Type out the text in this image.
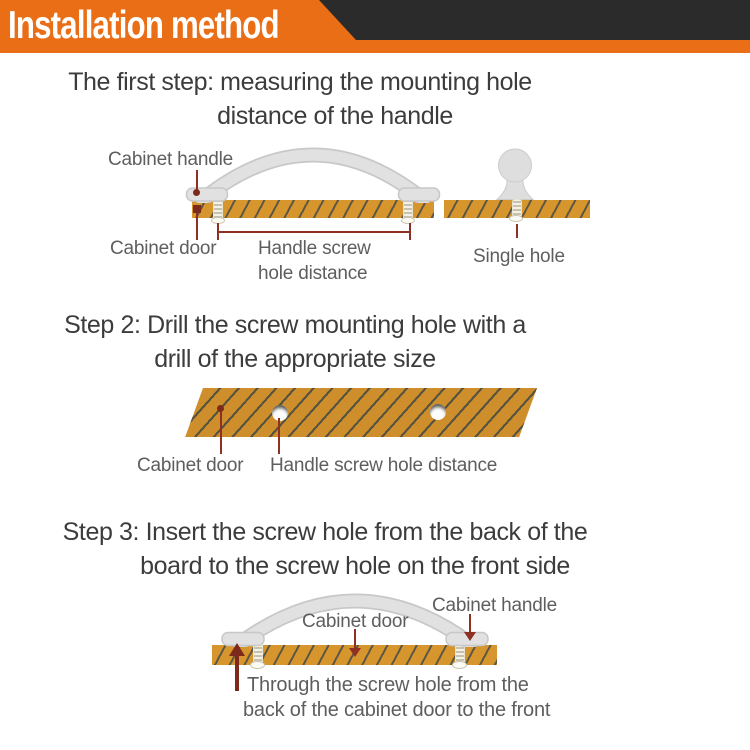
Installation method
The first step: measuring the mounting hole
distance of the handle
Cabinet handle
Cabinet door Handle screw
hole distance
Single hole
Step 2: Drill the screw mounting hole with a
drill of the appropriate size
Cabinet door Handle screw hole distance
Step 3: Insert the screw hole from the back of the
board to the screw hole on the front side
Cabinet handle
Cabinet door
Through the screw hole from the
back of the cabinet door to the front
